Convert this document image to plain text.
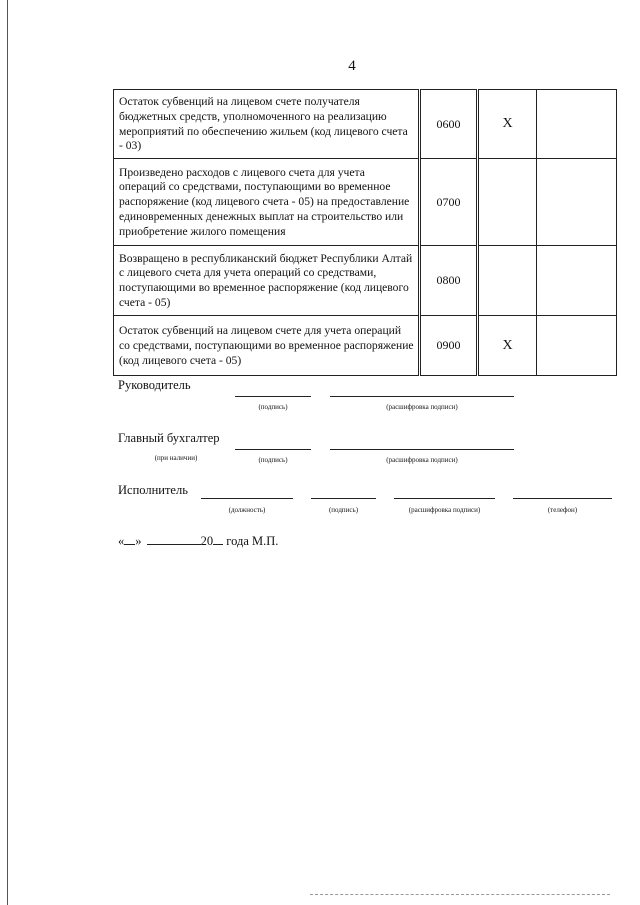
4
Остаток субвенций на лицевом счете получателя бюджетных средств, уполномоченного на реализацию мероприятий по обеспечению жильем (код лицевого счета - 03)	0600	Х	
Произведено расходов с лицевого счета для учета операций со средствами, поступающими во временное распоряжение (код лицевого счета - 05) на предоставление единовременных денежных выплат на строительство или приобретение жилого помещения	0700		
Возвращено в республиканский бюджет Республики Алтай с лицевого счета для учета операций со средствами, поступающими во временное распоряжение (код лицевого счета - 05)	0800		
Остаток субвенций на лицевом счете для учета операций со средствами, поступающими во временное распоряжение (код лицевого счета - 05)	0900	Х	
Руководитель
(подпись)	(расшифровка подписи)
Главный бухгалтер
(при наличии)	(подпись)	(расшифровка подписи)
Исполнитель
(должность)	(подпись)	(расшифровка подписи)	(телефон)
« »	20 года М.П.
